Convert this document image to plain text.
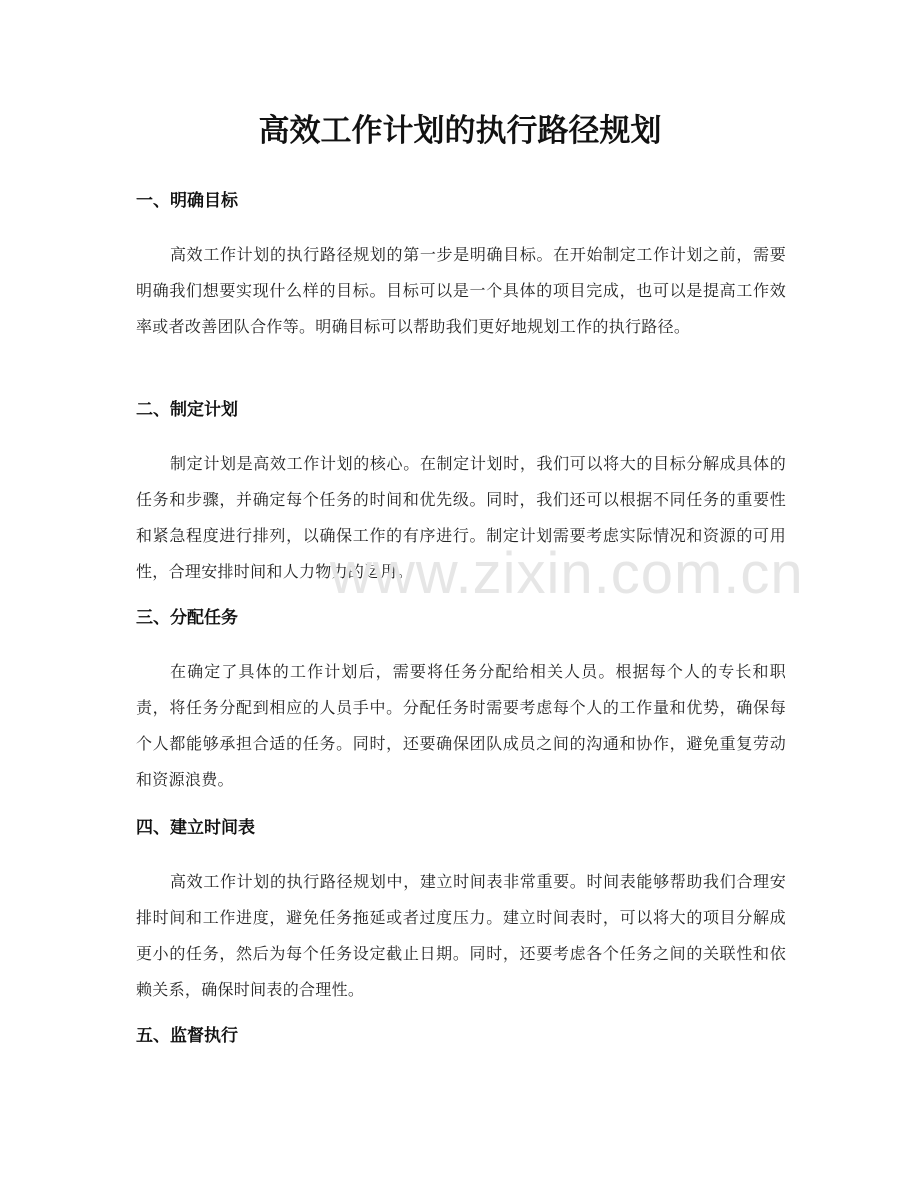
高效工作计划的执行路径规划
一、明确目标

高效工作计划的执行路径规划的第一步是明确目标。在开始制定工作计划之前，需要明确我们想要实现什么样的目标。目标可以是一个具体的项目完成，也可以是提高工作效率或者改善团队合作等。明确目标可以帮助我们更好地规划工作的执行路径。

二、制定计划

制定计划是高效工作计划的核心。在制定计划时，我们可以将大的目标分解成具体的任务和步骤，并确定每个任务的时间和优先级。同时，我们还可以根据不同任务的重要性和紧急程度进行排列，以确保工作的有序进行。制定计划需要考虑实际情况和资源的可用性，合理安排时间和人力物力的运用。

三、分配任务

在确定了具体的工作计划后，需要将任务分配给相关人员。根据每个人的专长和职责，将任务分配到相应的人员手中。分配任务时需要考虑每个人的工作量和优势，确保每个人都能够承担合适的任务。同时，还要确保团队成员之间的沟通和协作，避免重复劳动和资源浪费。

四、建立时间表

高效工作计划的执行路径规划中，建立时间表非常重要。时间表能够帮助我们合理安排时间和工作进度，避免任务拖延或者过度压力。建立时间表时，可以将大的项目分解成更小的任务，然后为每个任务设定截止日期。同时，还要考虑各个任务之间的关联性和依赖关系，确保时间表的合理性。

五、监督执行
www.zixin.com.cn
